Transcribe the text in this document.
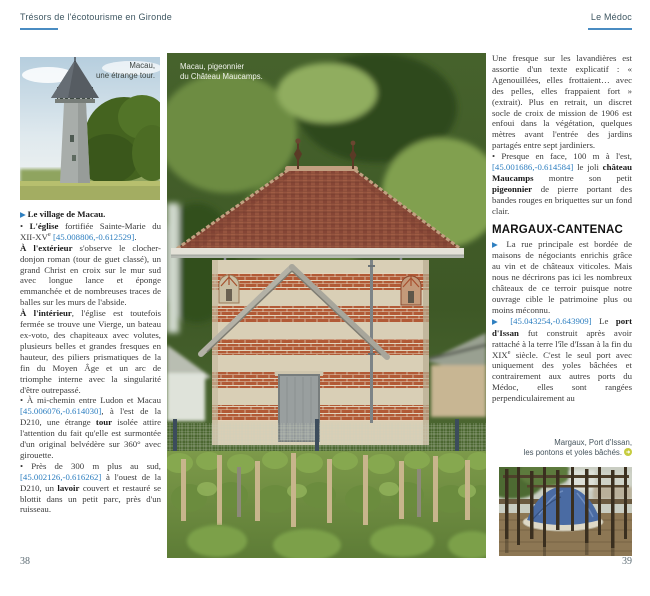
Trésors de l'écotourisme en Gironde	Le Médoc
Macau,
une étrange tour.

▶ Le village de Macau.

• L'église fortifiée Sainte-Marie du XII-XVe [45.008806,-0.612529].

À l'extérieur s'observe le clocher-donjon roman (tour de guet classé), un grand Christ en croix sur le mur sud avec longue lance et éponge emmanchée et de nombreuses traces de balles sur les murs de l'abside.

À l'intérieur, l'église est toutefois fermée se trouve une Vierge, un bateau ex-voto, des chapiteaux avec volutes, plusieurs belles et grandes fresques en hauteur, des piliers prismatiques de la fin du Moyen Âge et un arc de triomphe interne avec la singularité d'être outrepassé.

• À mi-chemin entre Ludon et Macau [45.006076,-0.614030], à l'est de la D210, une étrange tour isolée attire l'attention du fait qu'elle est surmontée d'un original belvédère sur 360° avec girouette.

• Près de 300 m plus au sud, [45.002126,-0.616262] à l'ouest de la D210, un lavoir couvert et restauré se blottit dans un petit parc, près d'un ruisseau.

Macau, pigeonnier
du Château Maucamps.

Une fresque sur les lavandières est assortie d'un texte explicatif : « Agenouillées, elles frottaient… avec des pelles, elles frappaient fort » (extrait). Plus en retrait, un discret socle de croix de mission de 1906 est enfoui dans la végétation, quelques mètres avant l'entrée des jardins partagés entre sept jardiniers.

• Presque en face, 100 m à l'est, [45.001686,-0.614584] le joli château Maucamps montre son petit pigeonnier de pierre portant des bandes rouges en briquettes sur un fond clair.

MARGAUX-CANTENAC

▶ La rue principale est bordée de maisons de négociants enrichis grâce au vin et de châteaux viticoles. Mais nous ne décrirons pas ici les nombreux châteaux de ce terroir puisque notre ouvrage cible le patrimoine plus ou moins méconnu.

▶ [45.043254,-0.643909] Le port d'Issan fut construit après avoir rattaché à la terre l'île d'Issan à la fin du XIXe siècle. C'est le seul port avec uniquement des yoles bâchées et contrairement aux autres ports du Médoc, elles sont rangées perpendiculairement au

Margaux, Port d'Issan,
les pontons et yoles bâchés.
38	39
